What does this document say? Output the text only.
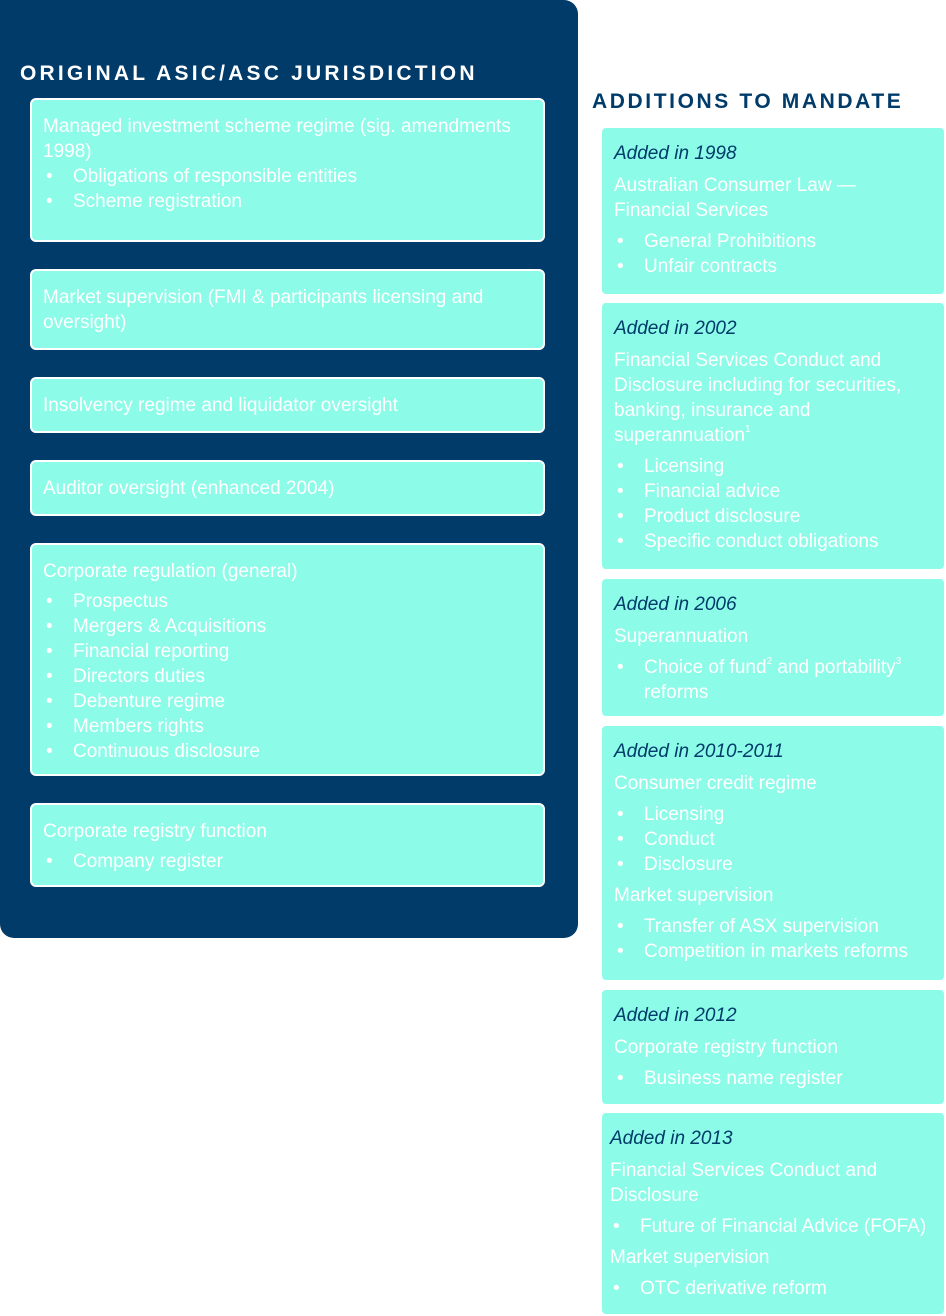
ORIGINAL ASIC/ASC JURISDICTION
Managed investment scheme regime (sig. amendments 1998)
• Obligations of responsible entities
• Scheme registration
Market supervision (FMI & participants licensing and oversight)
Insolvency regime and liquidator oversight
Auditor oversight (enhanced 2004)
Corporate regulation (general)
• Prospectus
• Mergers & Acquisitions
• Financial reporting
• Directors duties
• Debenture regime
• Members rights
• Continuous disclosure
Corporate registry function
• Company register
ADDITIONS TO MANDATE
Added in 1998
Australian Consumer Law — Financial Services
• General Prohibitions
• Unfair contracts
Added in 2002
Financial Services Conduct and Disclosure including for securities, banking, insurance and superannuation$^1$
• Licensing
• Financial advice
• Product disclosure
• Specific conduct obligations
Added in 2006
Superannuation
• Choice of fund$^2$ and portability$^3$ reforms
Added in 2010-2011
Consumer credit regime
• Licensing
• Conduct
• Disclosure
Market supervision
• Transfer of ASX supervision
• Competition in markets reforms
Added in 2012
Corporate registry function
• Business name register
Added in 2013
Financial Services Conduct and Disclosure
• Future of Financial Advice (FOFA)
Market supervision
• OTC derivative reform
